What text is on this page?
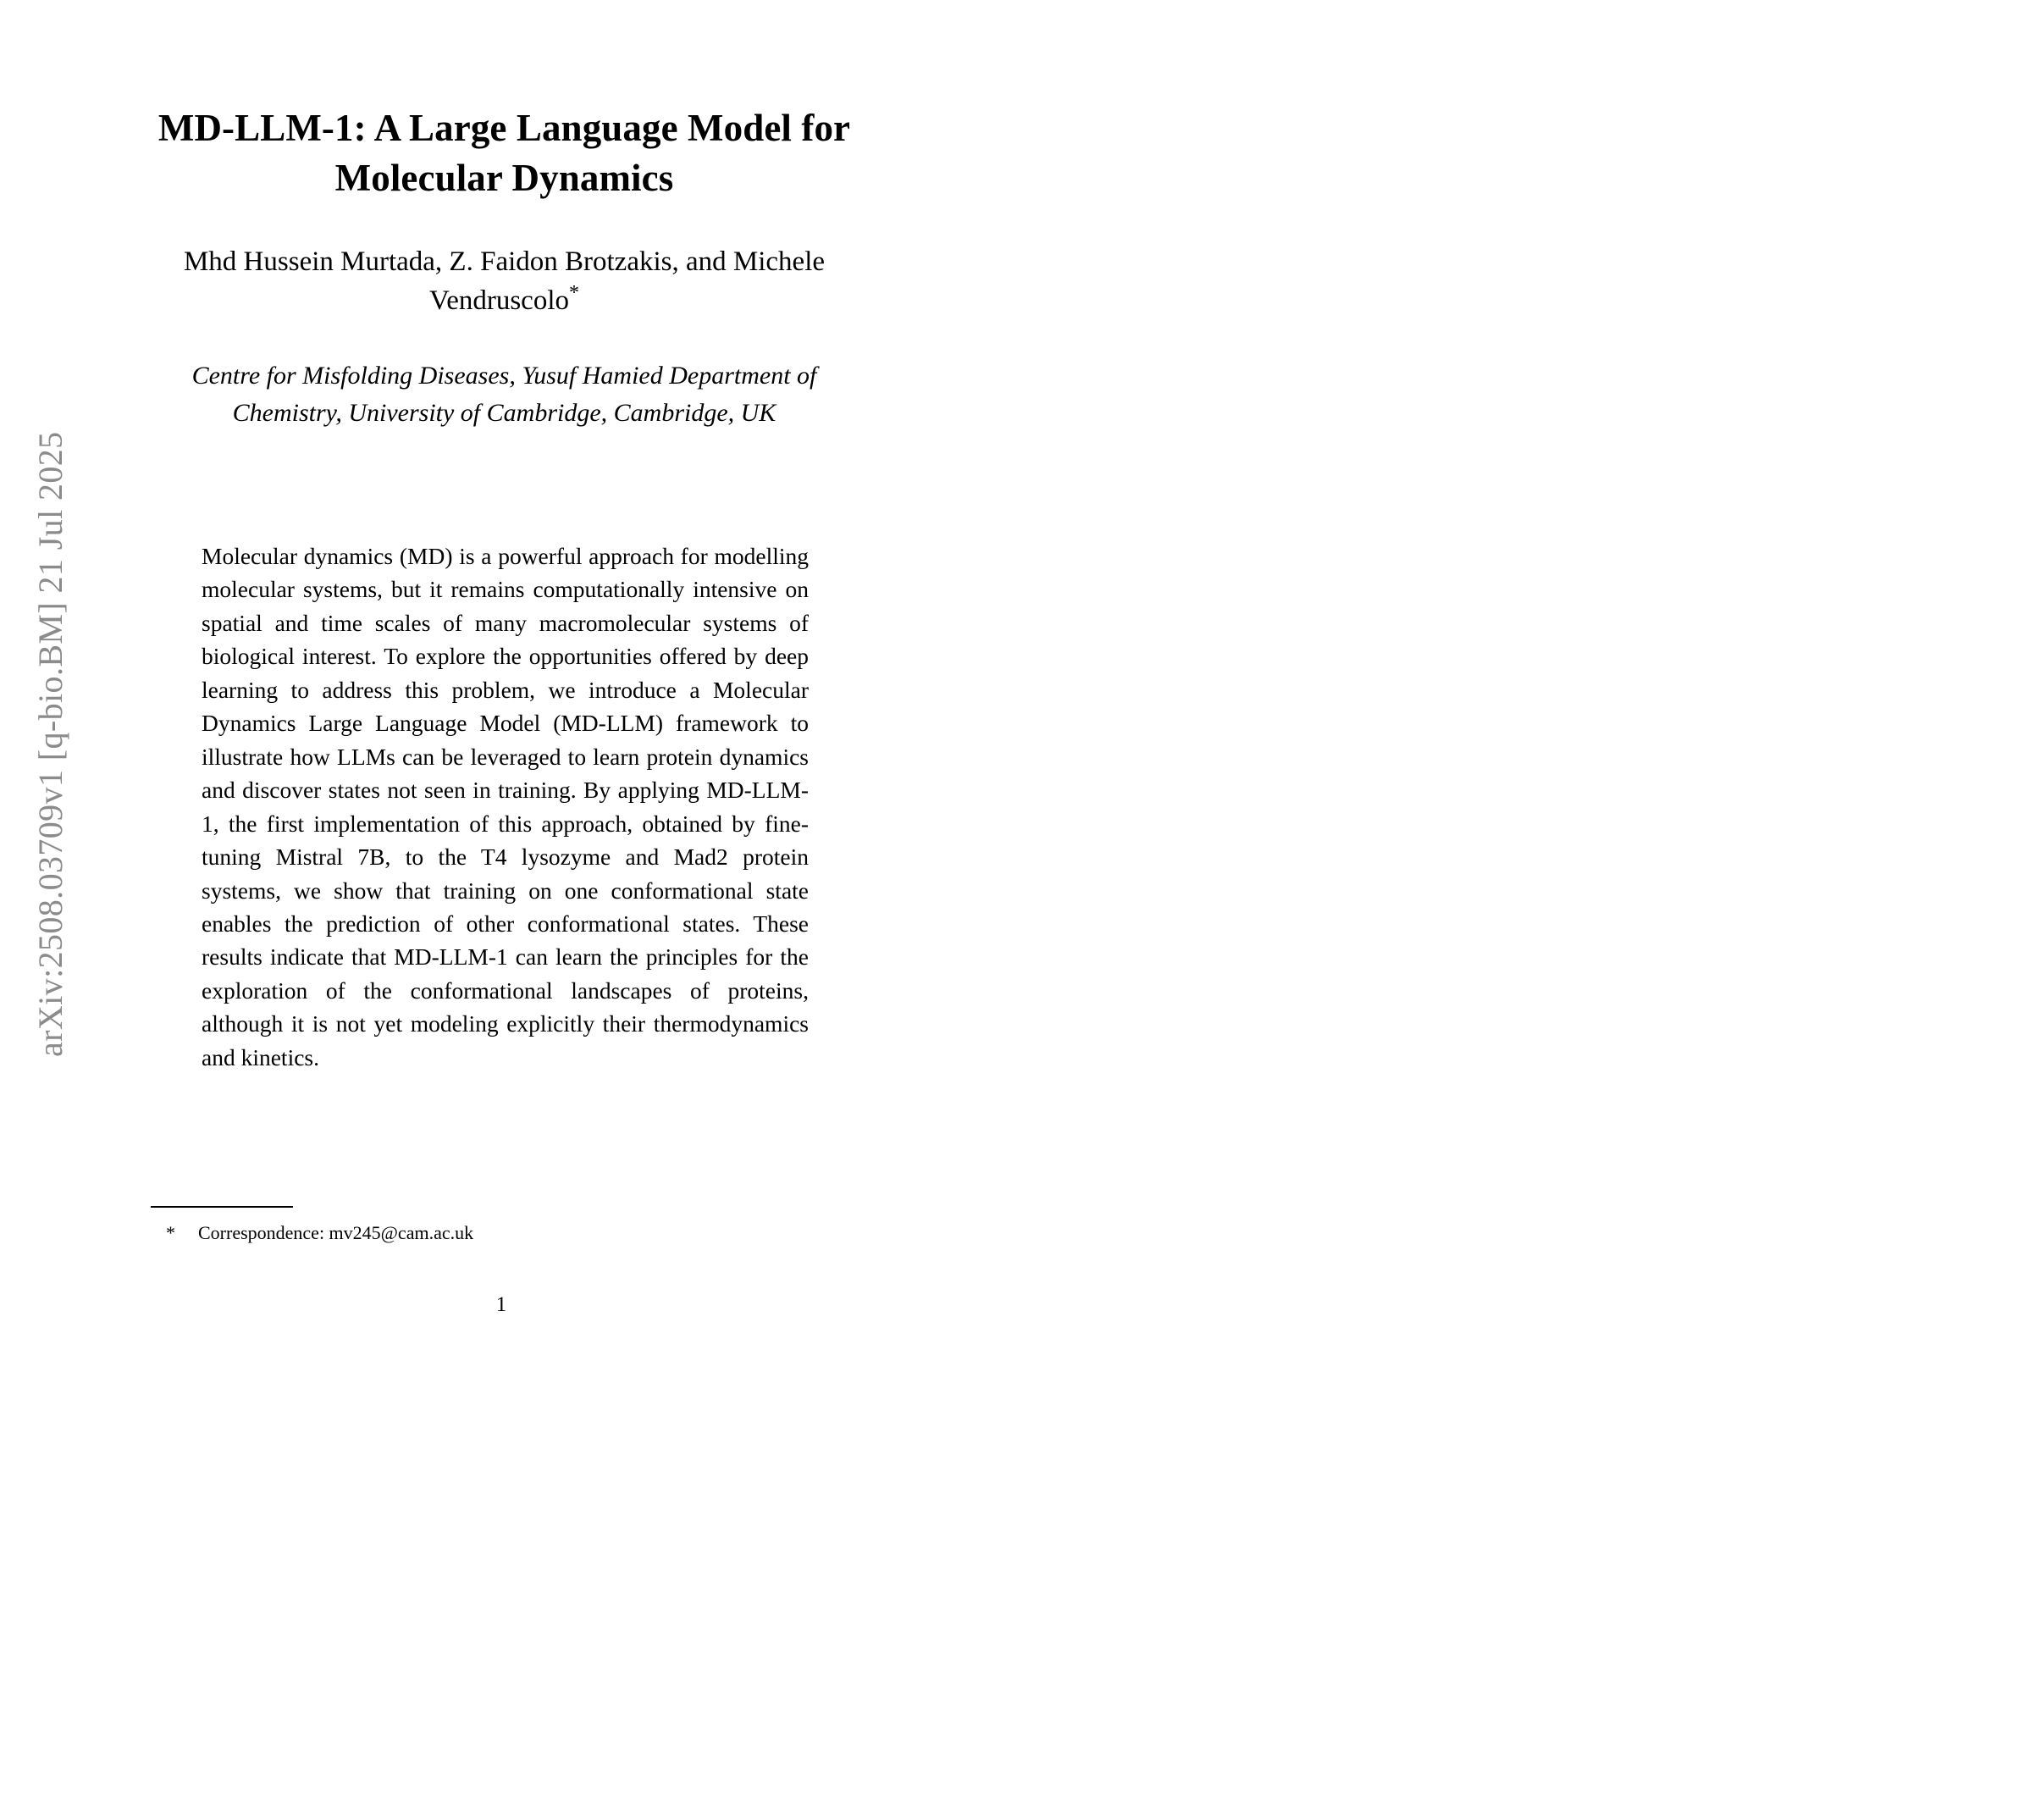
arXiv:2508.03709v1 [q-bio.BM] 21 Jul 2025
MD-LLM-1: A Large Language Model for Molecular Dynamics
Mhd Hussein Murtada, Z. Faidon Brotzakis, and Michele Vendruscolo*
Centre for Misfolding Diseases, Yusuf Hamied Department of Chemistry, University of Cambridge, Cambridge, UK

Molecular dynamics (MD) is a powerful approach for modelling molecular systems, but it remains computationally intensive on spatial and time scales of many macromolecular systems of biological interest. To explore the opportunities offered by deep learning to address this problem, we introduce a Molecular Dynamics Large Language Model (MD-LLM) framework to illustrate how LLMs can be leveraged to learn protein dynamics and discover states not seen in training. By applying MD-LLM-1, the first implementation of this approach, obtained by fine-tuning Mistral 7B, to the T4 lysozyme and Mad2 protein systems, we show that training on one conformational state enables the prediction of other conformational states. These results indicate that MD-LLM-1 can learn the principles for the exploration of the conformational landscapes of proteins, although it is not yet modeling explicitly their thermodynamics and kinetics.

*	Correspondence: mv245@cam.ac.uk
1
